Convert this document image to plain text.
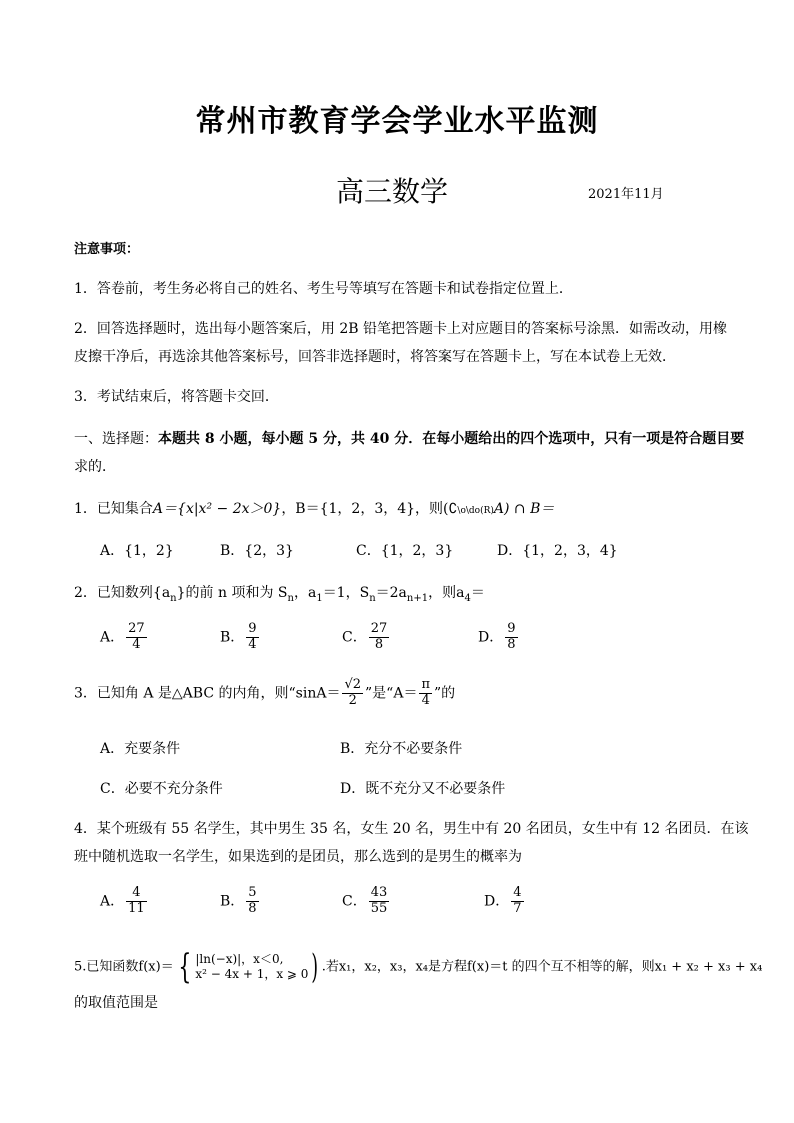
常州市教育学会学业水平监测
高三数学	2021年11月
注意事项：
1．答卷前，考生务必将自己的姓名、考生号等填写在答题卡和试卷指定位置上．
2．回答选择题时，选出每小题答案后，用 2B 铅笔把答题卡上对应题目的答案标号涂黑．如需改动，用橡
皮擦干净后，再选涂其他答案标号，回答非选择题时，将答案写在答题卡上，写在本试卷上无效．
3．考试结束后，将答题卡交回．
一、选择题：本题共 8 小题，每小题 5 分，共 40 分．在每小题给出的四个选项中，只有一项是符合题目要
求的．
1．已知集合A＝{x|x² − 2x＞0}，B＝{1，2，3，4}，则(∁\o\do(R)A) ∩ B＝
A．{1，2}	B．{2，3}	C．{1，2，3}	D．{1，2，3，4}
2．已知数列$\{a_n\}$的前 n 项和为 $S_n$，$a_1=1$，$S_n=2a_{n+1}$，则$a_4=$
A． $\frac{27}{4}$	B． $\frac{9}{4}$	C． $\frac{27}{8}$	D． $\frac{9}{8}$
3．已知角 A 是△ABC 的内角，则“$\sin A= \frac{√2}{2}$ ”是“$A= \frac{\pi}{4}$ ”的
A．充要条件	B．充分不必要条件
C．必要不充分条件	D．既不充分又不必要条件
4．某个班级有 55 名学生，其中男生 35 名，女生 20 名，男生中有 20 名团员，女生中有 12 名团员．在该
班中随机选取一名学生，如果选到的是团员，那么选到的是男生的概率为
A． $\frac{4}{11}$	B． $\frac{5}{8}$	C． $\frac{43}{55}$	D． $\frac{4}{7}$
5.已知函数f(x)＝ { |ln(−x)|，x＜0,
x² − 4x + 1，x ⩾ 0 ) .若x₁，x₂，x₃，x₄是方程f(x)＝t 的四个互不相等的解，则x₁ + x₂ + x₃ + x₄
的取值范围是
